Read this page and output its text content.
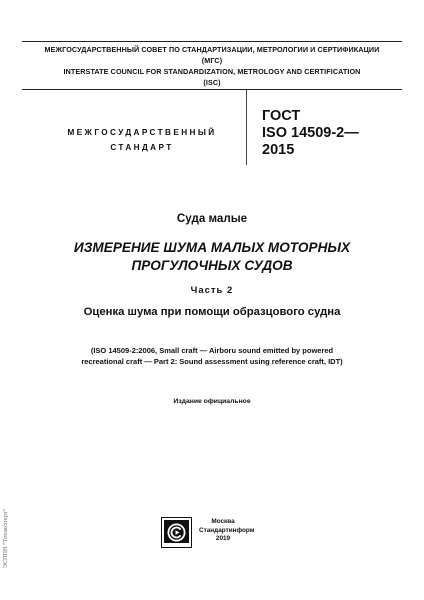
МЕЖГОСУДАРСТВЕННЫЙ СОВЕТ ПО СТАНДАРТИЗАЦИИ, МЕТРОЛОГИИ И СЕРТИФИКАЦИИ
(МГС)
INTERSTATE COUNCIL FOR STANDARDIZATION, METROLOGY AND CERTIFICATION
(ISC)
МЕЖГОСУДАРСТВЕННЫЙ
СТАНДАРТ
ГОСТ
ISO 14509-2—
2015
Суда малые
ИЗМЕРЕНИЕ ШУМА МАЛЫХ МОТОРНЫХ
ПРОГУЛОЧНЫХ СУДОВ
Часть 2
Оценка шума при помощи образцового судна
(ISO 14509-2:2006, Small craft — Airboru sound emitted by powered
recreational craft — Part 2: Sound assessment using reference craft, IDT)
Издание официальное
Москва
Стандартинформ
2019
ЭСППН "Техэксперт"
